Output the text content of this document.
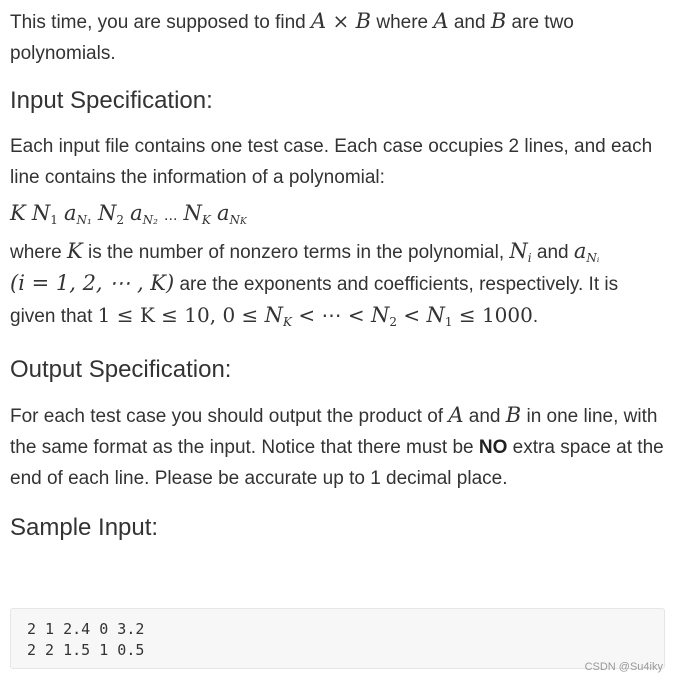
This time, you are supposed to find A × B where A and B are two polynomials.

Input Specification:

Each input file contains one test case. Each case occupies 2 lines, and each line contains the information of a polynomial:

K $N_1$ $a_{N_1}$ $N_2$ $a_{N_2}$ ... $N_K$ $a_{NK}$

where K is the number of nonzero terms in the polynomial, $N_i$ and $a_{Nᵢ}$
(i = 1, 2, ⋯ , K) are the exponents and coefficients, respectively. It is given that 1 ≤ K ≤ 10, $0 \le N_K$ < ⋯ < $N_2 < N_1 \le 1000$.

Output Specification:

For each test case you should output the product of A and B in one line, with the same format as the input. Notice that there must be NO extra space at the end of each line. Please be accurate up to 1 decimal place.

Sample Input:
2 1 2.4 0 3.2
2 2 1.5 1 0.5
CSDN @Su4iky
